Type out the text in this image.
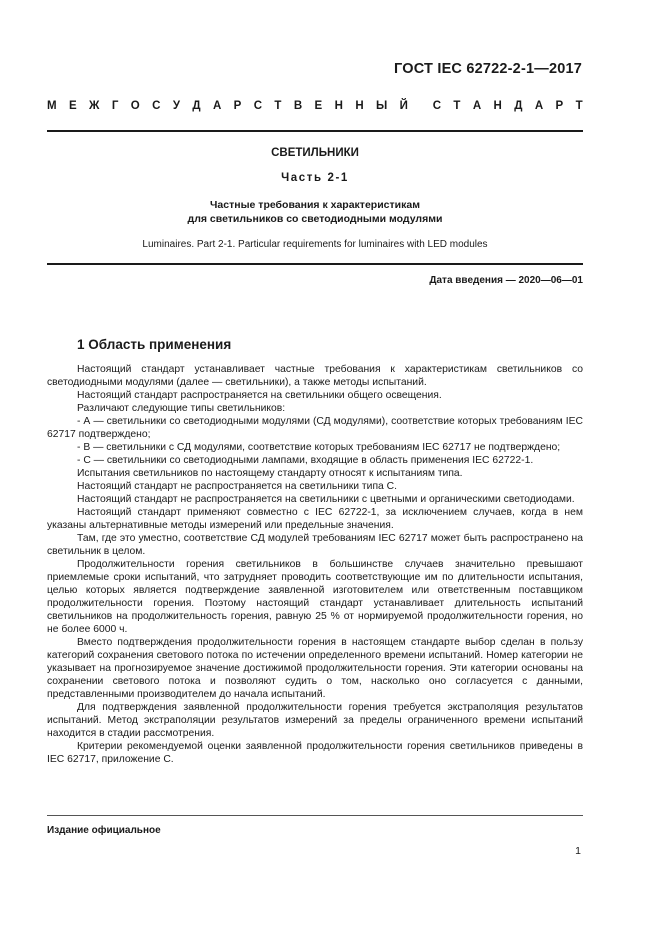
ГОСТ IEC 62722-2-1—2017
М Е Ж Г О С У Д А Р С Т В Е Н Н Ы Й С Т А Н Д А Р Т
СВЕТИЛЬНИКИ
Часть 2-1
Частные требования к характеристикам
для светильников со светодиодными модулями
Luminaires. Part 2-1. Particular requirements for luminaires with LED modules
Дата введения — 2020—06—01
1 Область применения

Настоящий стандарт устанавливает частные требования к характеристикам светильников со светодиодными модулями (далее — светильники), а также методы испытаний.

Настоящий стандарт распространяется на светильники общего освещения.

Различают следующие типы светильников:

- А — светильники со светодиодными модулями (СД модулями), соответствие которых требованиям IEC 62717 подтверждено;

- В — светильники с СД модулями, соответствие которых требованиям IEC 62717 не подтверждено;

- С — светильники со светодиодными лампами, входящие в область применения IEC 62722-1.

Испытания светильников по настоящему стандарту относят к испытаниям типа.

Настоящий стандарт не распространяется на светильники типа С.

Настоящий стандарт не распространяется на светильники с цветными и органическими светодиодами.

Настоящий стандарт применяют совместно с IEC 62722-1, за исключением случаев, когда в нем указаны альтернативные методы измерений или предельные значения.

Там, где это уместно, соответствие СД модулей требованиям IEC 62717 может быть распространено на светильник в целом.

Продолжительности горения светильников в большинстве случаев значительно превышают приемлемые сроки испытаний, что затрудняет проводить соответствующие им по длительности испытания, целью которых является подтверждение заявленной изготовителем или ответственным поставщиком продолжительности горения. Поэтому настоящий стандарт устанавливает длительность испытаний светильников на продолжительность горения, равную 25 % от нормируемой продолжительности горения, но не более 6000 ч.

Вместо подтверждения продолжительности горения в настоящем стандарте выбор сделан в пользу категорий сохранения светового потока по истечении определенного времени испытаний. Номер категории не указывает на прогнозируемое значение достижимой продолжительности горения. Эти категории основаны на сохранении светового потока и позволяют судить о том, насколько оно согласуется с данными, представленными производителем до начала испытаний.

Для подтверждения заявленной продолжительности горения требуется экстраполяция результатов испытаний. Метод экстраполяции результатов измерений за пределы ограниченного времени испытаний находится в стадии рассмотрения.

Критерии рекомендуемой оценки заявленной продолжительности горения светильников приведены в IEC 62717, приложение С.

Издание официальное
1
